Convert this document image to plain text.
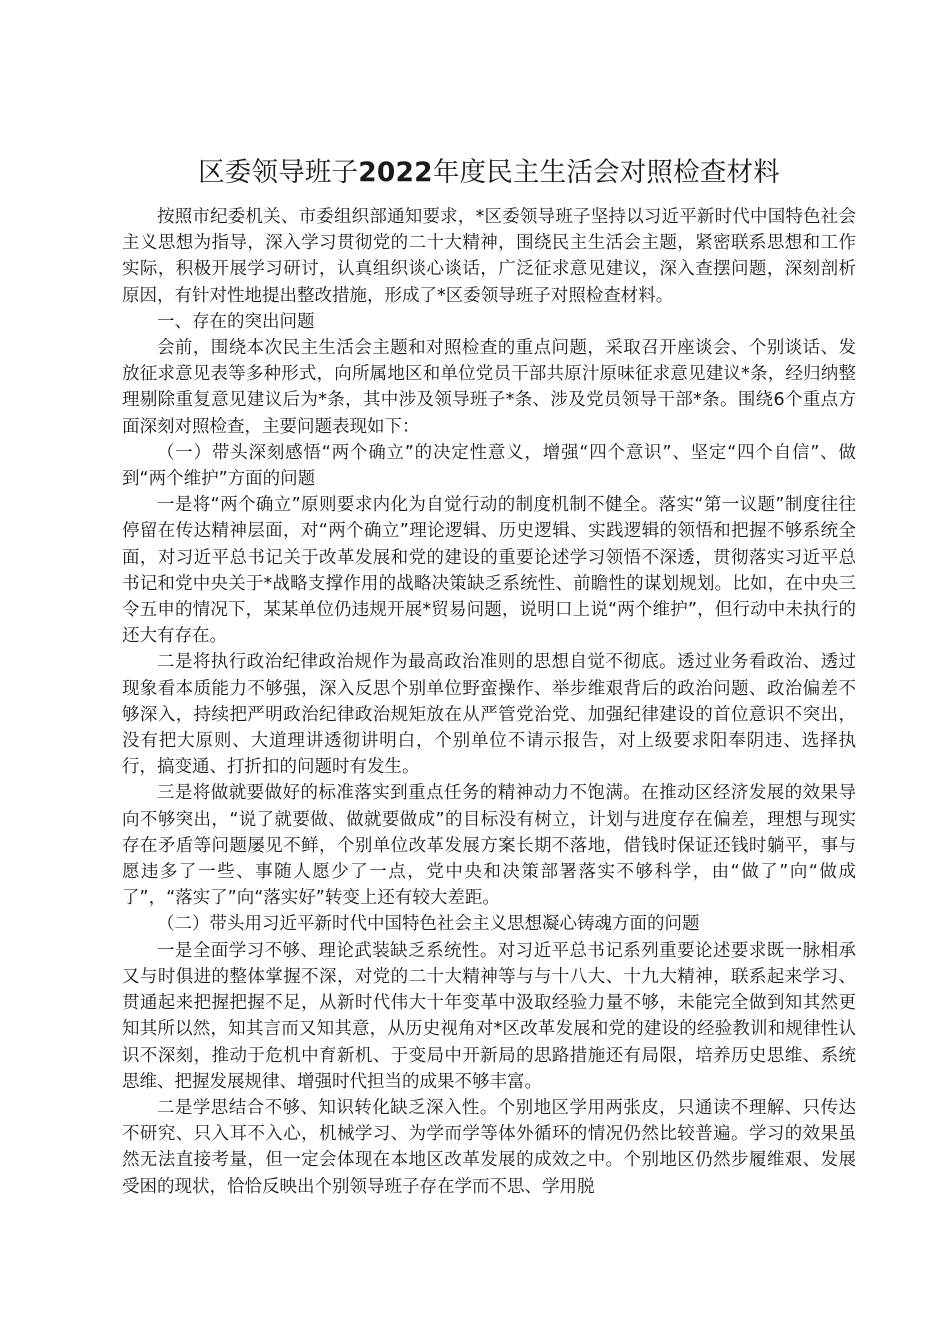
区委领导班子2022年度民主生活会对照检查材料

按照市纪委机关、市委组织部通知要求，*区委领导班子坚持以习近平新时代中国特色社会主义思想为指导，深入学习贯彻党的二十大精神，围绕民主生活会主题，紧密联系思想和工作实际，积极开展学习研讨，认真组织谈心谈话，广泛征求意见建议，深入查摆问题，深刻剖析原因，有针对性地提出整改措施，形成了*区委领导班子对照检查材料。

一、存在的突出问题

会前，围绕本次民主生活会主题和对照检查的重点问题，采取召开座谈会、个别谈话、发放征求意见表等多种形式，向所属地区和单位党员干部共原汁原味征求意见建议*条，经归纳整理剔除重复意见建议后为*条，其中涉及领导班子*条、涉及党员领导干部*条。围绕6个重点方面深刻对照检查，主要问题表现如下：

（一）带头深刻感悟“两个确立”的决定性意义，增强“四个意识”、坚定“四个自信”、做到“两个维护”方面的问题

一是将“两个确立”原则要求内化为自觉行动的制度机制不健全。落实“第一议题”制度往往停留在传达精神层面，对“两个确立”理论逻辑、历史逻辑、实践逻辑的领悟和把握不够系统全面，对习近平总书记关于改革发展和党的建设的重要论述学习领悟不深透，贯彻落实习近平总书记和党中央关于*战略支撑作用的战略决策缺乏系统性、前瞻性的谋划规划。比如，在中央三令五申的情况下，某某单位仍违规开展*贸易问题，说明口上说“两个维护”，但行动中未执行的还大有存在。

二是将执行政治纪律政治规作为最高政治准则的思想自觉不彻底。透过业务看政治、透过现象看本质能力不够强，深入反思个别单位野蛮操作、举步维艰背后的政治问题、政治偏差不够深入，持续把严明政治纪律政治规矩放在从严管党治党、加强纪律建设的首位意识不突出，没有把大原则、大道理讲透彻讲明白，个别单位不请示报告，对上级要求阳奉阴违、选择执行，搞变通、打折扣的问题时有发生。

三是将做就要做好的标准落实到重点任务的精神动力不饱满。在推动区经济发展的效果导向不够突出，“说了就要做、做就要做成”的目标没有树立，计划与进度存在偏差，理想与现实存在矛盾等问题屡见不鲜，个别单位改革发展方案长期不落地，借钱时保证还钱时躺平，事与愿违多了一些、事随人愿少了一点，党中央和决策部署落实不够科学，由“做了”向“做成了”，“落实了”向“落实好”转变上还有较大差距。

（二）带头用习近平新时代中国特色社会主义思想凝心铸魂方面的问题

一是全面学习不够、理论武装缺乏系统性。对习近平总书记系列重要论述要求既一脉相承又与时俱进的整体掌握不深，对党的二十大精神等与与十八大、十九大精神，联系起来学习、贯通起来把握把握不足，从新时代伟大十年变革中汲取经验力量不够，未能完全做到知其然更知其所以然，知其言而又知其意，从历史视角对*区改革发展和党的建设的经验教训和规律性认识不深刻，推动于危机中育新机、于变局中开新局的思路措施还有局限，培养历史思维、系统思维、把握发展规律、增强时代担当的成果不够丰富。

二是学思结合不够、知识转化缺乏深入性。个别地区学用两张皮，只通读不理解、只传达不研究、只入耳不入心，机械学习、为学而学等体外循环的情况仍然比较普遍。学习的效果虽然无法直接考量，但一定会体现在本地区改革发展的成效之中。个别地区仍然步履维艰、发展受困的现状，恰恰反映出个别领导班子存在学而不思、学用脱
